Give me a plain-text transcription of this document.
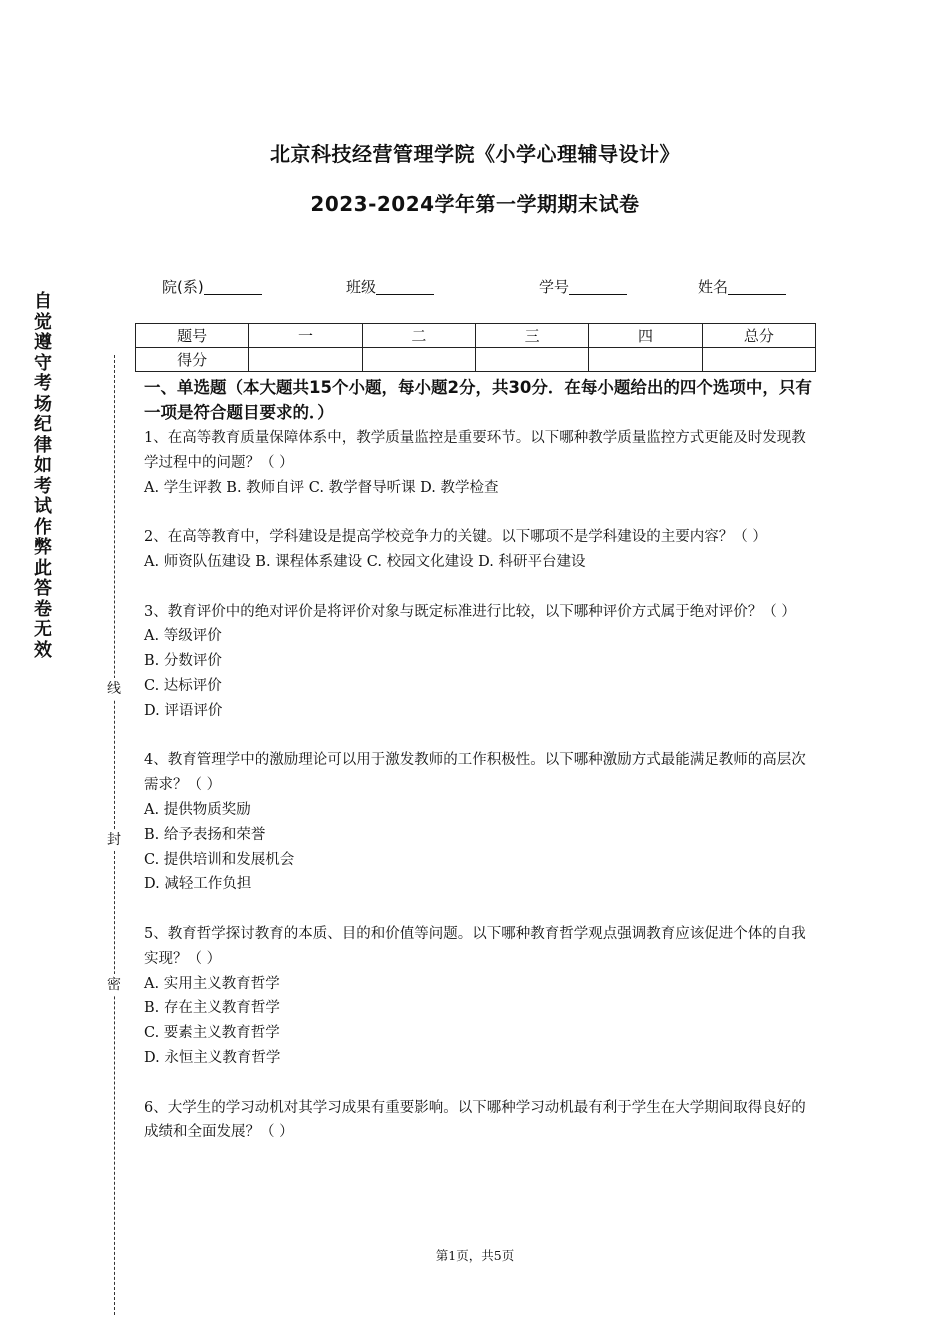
自觉遵守考场纪律如考试作弊此答卷无效
线
封
密
北京科技经营管理学院《小学心理辅导设计》
2023-2024学年第一学期期末试卷
院(系)	班级	学号	姓名
题号	一	二	三	四	总分
得分					
一、单选题（本大题共15个小题，每小题2分，共30分．在每小题给出的四个选项中，只有一项是符合题目要求的．）
1、在高等教育质量保障体系中，教学质量监控是重要环节。以下哪种教学质量监控方式更能及时发现教学过程中的问题？（ ）
A. 学生评教 B. 教师自评 C. 教学督导听课 D. 教学检查
2、在高等教育中，学科建设是提高学校竞争力的关键。以下哪项不是学科建设的主要内容？（ ）
A. 师资队伍建设 B. 课程体系建设 C. 校园文化建设 D. 科研平台建设
3、教育评价中的绝对评价是将评价对象与既定标准进行比较，以下哪种评价方式属于绝对评价？（ ）
A. 等级评价
B. 分数评价
C. 达标评价
D. 评语评价
4、教育管理学中的激励理论可以用于激发教师的工作积极性。以下哪种激励方式最能满足教师的高层次需求？（ ）
A. 提供物质奖励
B. 给予表扬和荣誉
C. 提供培训和发展机会
D. 减轻工作负担
5、教育哲学探讨教育的本质、目的和价值等问题。以下哪种教育哲学观点强调教育应该促进个体的自我实现？（ ）
A. 实用主义教育哲学
B. 存在主义教育哲学
C. 要素主义教育哲学
D. 永恒主义教育哲学
6、大学生的学习动机对其学习成果有重要影响。以下哪种学习动机最有利于学生在大学期间取得良好的成绩和全面发展？（ ）
第1页，共5页
